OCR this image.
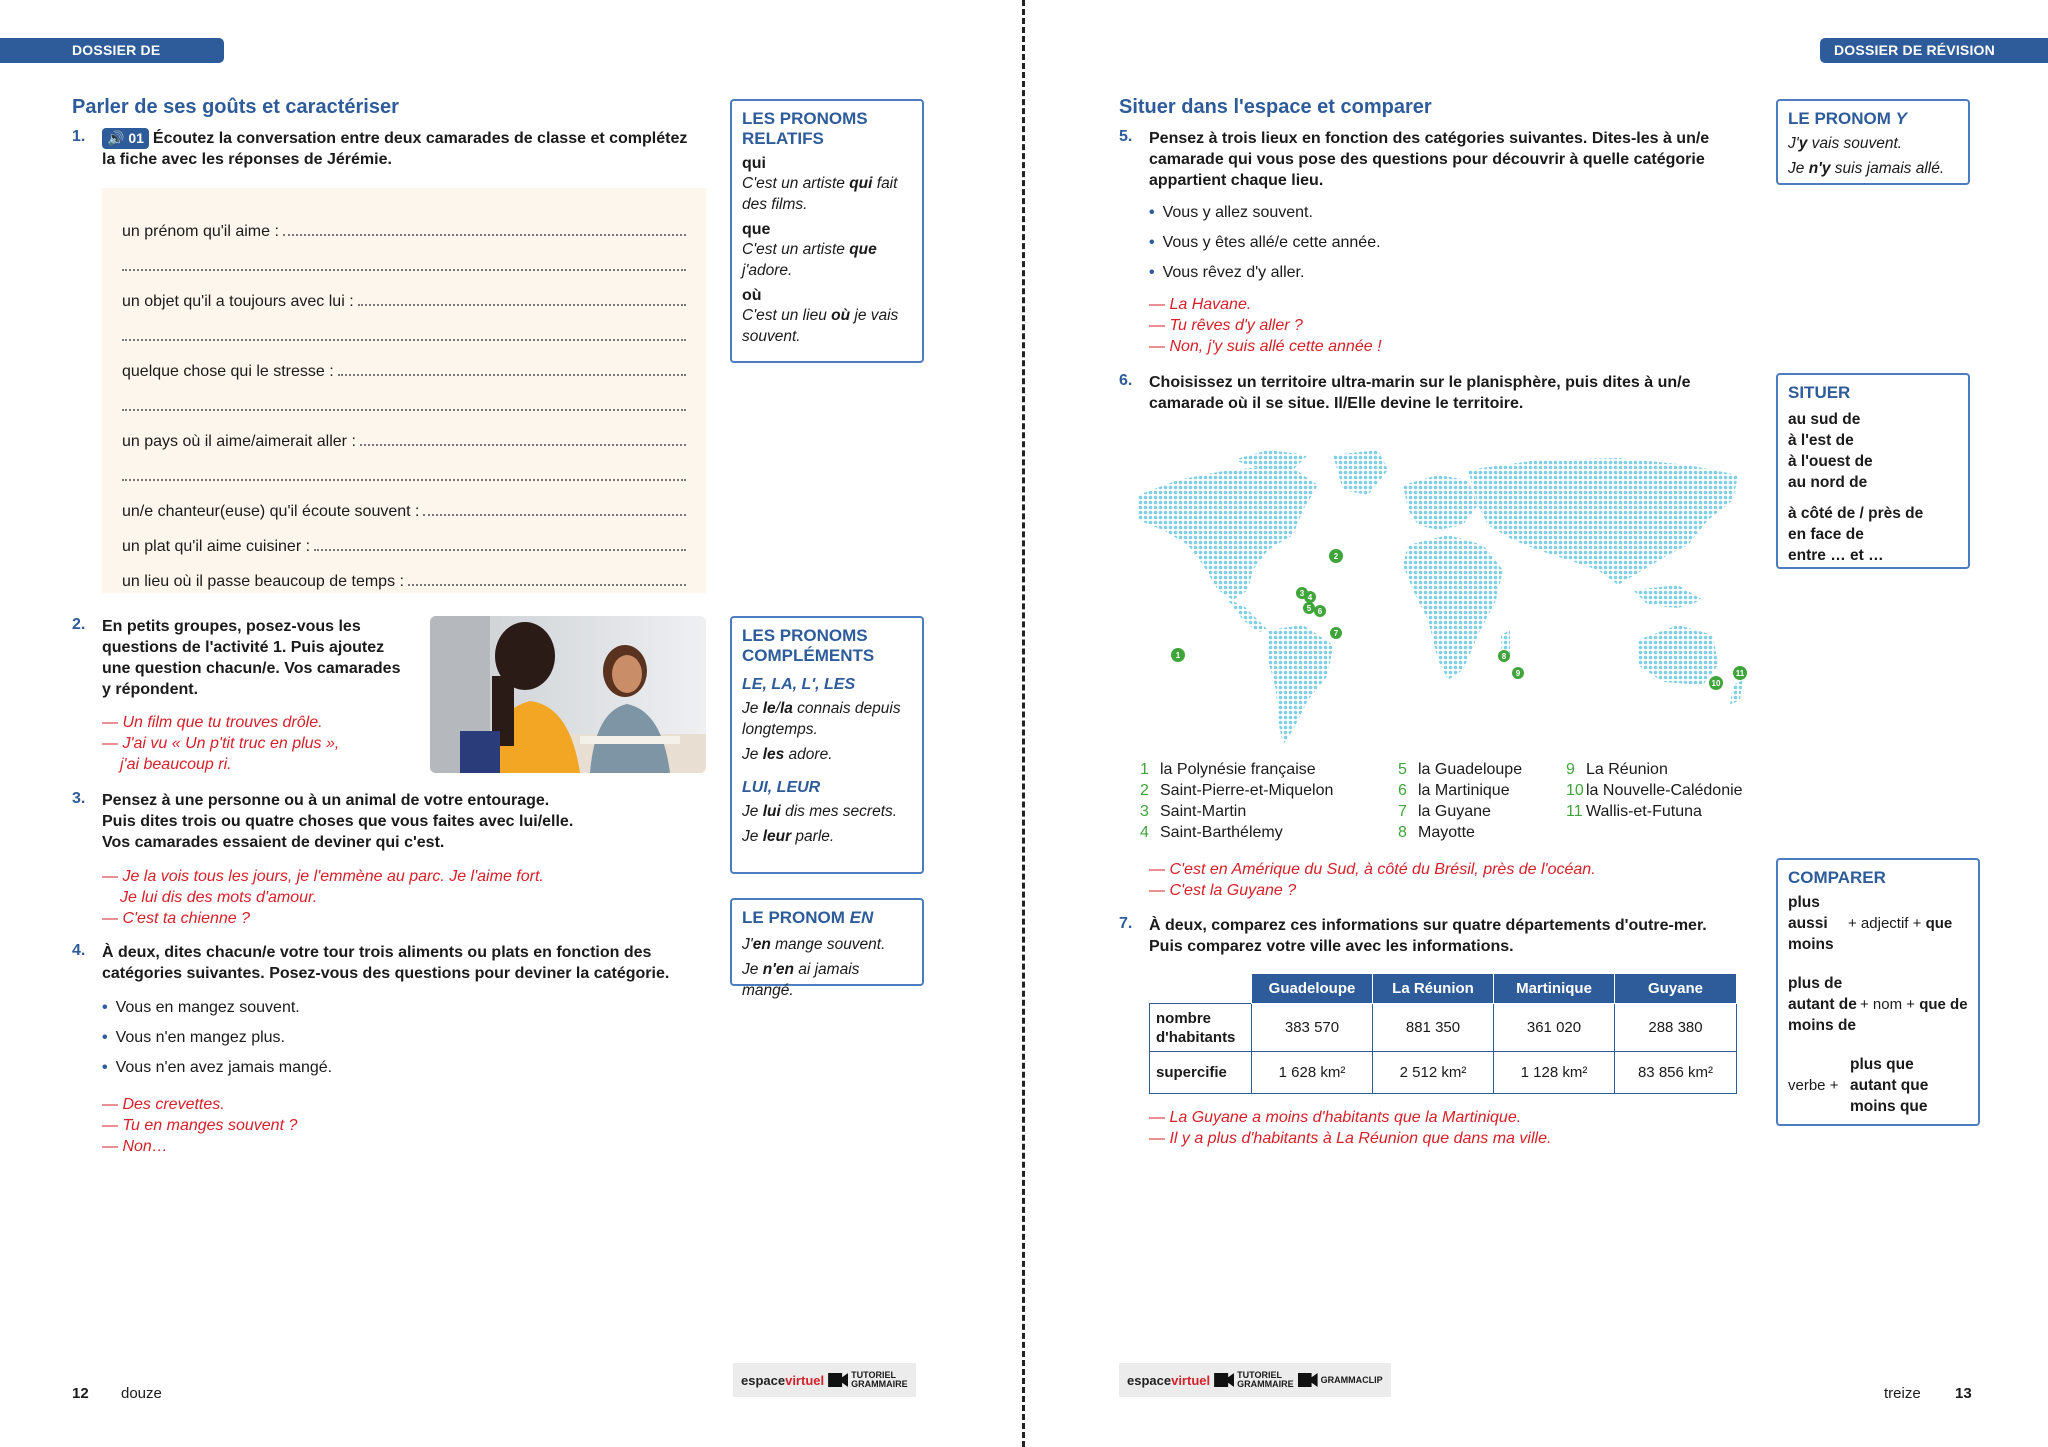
DOSSIER DE RÉVISION
DOSSIER DE RÉVISION
Parler de ses goûts et caractériser
1.	🔊 01 Écoutez la conversation entre deux camarades de classe et complétez
la fiche avec les réponses de Jérémie.
un prénom qu'il aime :
un objet qu'il a toujours avec lui :
quelque chose qui le stresse :
un pays où il aime/aimerait aller :
un/e chanteur(euse) qu'il écoute souvent :
un plat qu'il aime cuisiner :
un lieu où il passe beaucoup de temps :
2. En petits groupes, posez-vous les
questions de l'activité 1. Puis ajoutez
une question chacun/e. Vos camarades
y répondent.
— Un film que tu trouves drôle.
— J'ai vu « Un p'tit truc en plus »,
j'ai beaucoup ri.
3. Pensez à une personne ou à un animal de votre entourage.
Puis dites trois ou quatre choses que vous faites avec lui/elle.
Vos camarades essaient de deviner qui c'est.
— Je la vois tous les jours, je l'emmène au parc. Je l'aime fort.
Je lui dis des mots d'amour.
— C'est ta chienne ?
4. À deux, dites chacun/e votre tour trois aliments ou plats en fonction des
catégories suivantes. Posez-vous des questions pour deviner la catégorie.
• Vous en mangez souvent.
• Vous n'en mangez plus.
• Vous n'en avez jamais mangé.
— Des crevettes.
— Tu en manges souvent ?
— Non…
LES PRONOMS
RELATIFS
qui
C'est un artiste qui fait
des films.
que
C'est un artiste que
j'adore.
où
C'est un lieu où je vais
souvent.
LES PRONOMS
COMPLÉMENTS
LE, LA, L', LES
Je le/la connais depuis
longtemps.
Je les adore.
LUI, LEUR
Je lui dis mes secrets.
Je leur parle.
LE PRONOM EN
J'en mange souvent.
Je n'en ai jamais mangé.
12 douze
espacevirtuel	TUTORIEL
GRAMMAIRE
Situer dans l'espace et comparer
5. Pensez à trois lieux en fonction des catégories suivantes. Dites-les à un/e
camarade qui vous pose des questions pour découvrir à quelle catégorie
appartient chaque lieu.
• Vous y allez souvent.
• Vous y êtes allé/e cette année.
• Vous rêvez d'y aller.
— La Havane.
— Tu rêves d'y aller ?
— Non, j'y suis allé cette année !
6. Choisissez un territoire ultra-marin sur le planisphère, puis dites à un/e
camarade où il se situe. Il/Elle devine le territoire.
1
2
3 4
5 6
7
8
9
10
11
1 la Polynésie française
2 Saint-Pierre-et-Miquelon
3 Saint-Martin
4 Saint-Barthélemy
5 la Guadeloupe
6 la Martinique
7 la Guyane
8 Mayotte
9 La Réunion
10 la Nouvelle-Calédonie
11 Wallis-et-Futuna
— C'est en Amérique du Sud, à côté du Brésil, près de l'océan.
— C'est la Guyane ?
7. À deux, comparez ces informations sur quatre départements d'outre-mer.
Puis comparez votre ville avec les informations.
	Guadeloupe	La Réunion	Martinique	Guyane
nombre
d'habitants	383 570	881 350	361 020	288 380
supercifie	1 628 km²	2 512 km²	1 128 km²	83 856 km²
— La Guyane a moins d'habitants que la Martinique.
— Il y a plus d'habitants à La Réunion que dans ma ville.
LE PRONOM Y
J'y vais souvent.
Je n'y suis jamais allé.
SITUER
au sud de
à l'est de
à l'ouest de
au nord de
à côté de / près de
en face de
entre … et …
COMPARER
plus
aussi
moins
+ adjectif +
que
plus de
autant de
moins de
+ nom +
que de
verbe +
plus que
autant que
moins que
espacevirtuel	TUTORIEL
GRAMMAIRE	GRAMMACLIP
treize 13
